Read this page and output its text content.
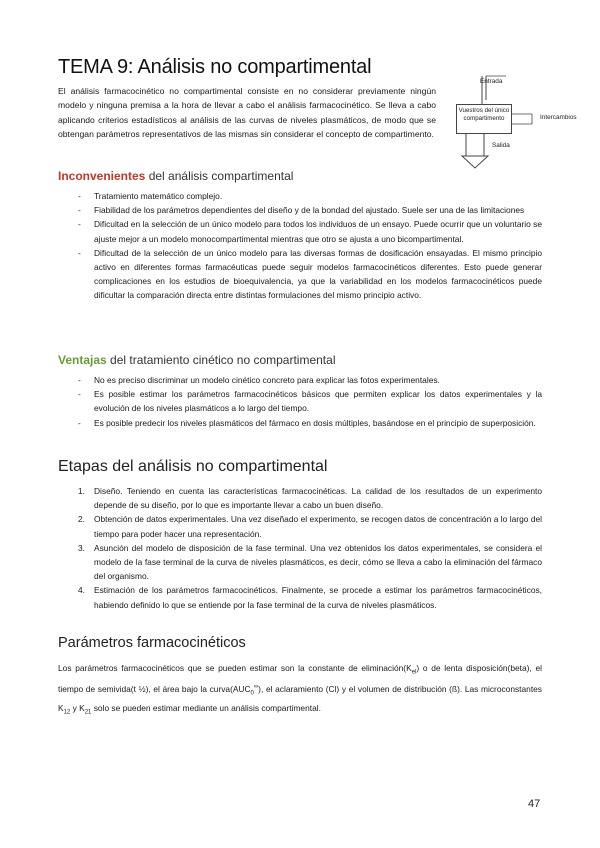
TEMA 9: Análisis no compartimental

El análisis farmacocinético no compartimental consiste en no considerar previamente ningún modelo y ninguna premisa a la hora de llevar a cabo el análisis farmacocinético. Se lleva a cabo aplicando criterios estadísticos al análisis de las curvas de niveles plasmáticos, de modo que se obtengan parámetros representativos de las mismas sin considerar el concepto de compartimento.

Entrada
Vuestros del único compartimento	Intercambios
Salida
Inconvenientes del análisis compartimental
- Tratamiento matemático complejo.
- Fiabilidad de los parámetros dependientes del diseño y de la bondad del ajustado. Suele ser una de las limitaciones
- Dificultad en la selección de un único modelo para todos los individuos de un ensayo. Puede ocurrir que un voluntario se ajuste mejor a un modelo monocompartimental mientras que otro se ajusta a uno bicompartimental.
- Dificultad de la selección de un único modelo para las diversas formas de dosificación ensayadas. El mismo principio activo en diferentes formas farmacéuticas puede seguir modelos farmacocinéticos diferentes. Esto puede generar complicaciones en los estudios de bioequivalencia, ya que la variabilidad en los modelos farmacocinéticos puede dificultar la comparación directa entre distintas formulaciones del mismo principio activo.
Ventajas del tratamiento cinético no compartimental
- No es preciso discriminar un modelo cinético concreto para explicar las fotos experimentales.
- Es posible estimar los parámetros farmacocinéticos básicos que permiten explicar los datos experimentales y la evolución de los niveles plasmáticos a lo largo del tiempo.
- Es posible predecir los niveles plasmáticos del fármaco en dosis múltiples, basándose en el principio de superposición.
Etapas del análisis no compartimental
1. Diseño. Teniendo en cuenta las características farmacocinéticas. La calidad de los resultados de un experimento depende de su diseño, por lo que es importante llevar a cabo un buen diseño.
2. Obtención de datos experimentales. Una vez diseñado el experimento, se recogen datos de concentración a lo largo del tiempo para poder hacer una representación.
3. Asunción del modelo de disposición de la fase terminal. Una vez obtenidos los datos experimentales, se considera el modelo de la fase terminal de la curva de niveles plasmáticos, es decir, cómo se lleva a cabo la eliminación del fármaco del organismo.
4. Estimación de los parámetros farmacocinéticos. Finalmente, se procede a estimar los parámetros farmacocinéticos, habiendo definido lo que se entiende por la fase terminal de la curva de niveles plasmáticos.
Parámetros farmacocinéticos

Los parámetros farmacocinéticos que se pueden estimar son la constante de $eliminación(K_{el})$ o de lenta disposición(beta), el tiempo de semivida(t ½), el área bajo la $curva(AUC_0^\infty)$, el aclaramiento (Cl) y el volumen de distribución (ß). Las microconstantes $K_{12}$ y $K_{21}$ solo se pueden estimar mediante un análisis compartimental.

47
